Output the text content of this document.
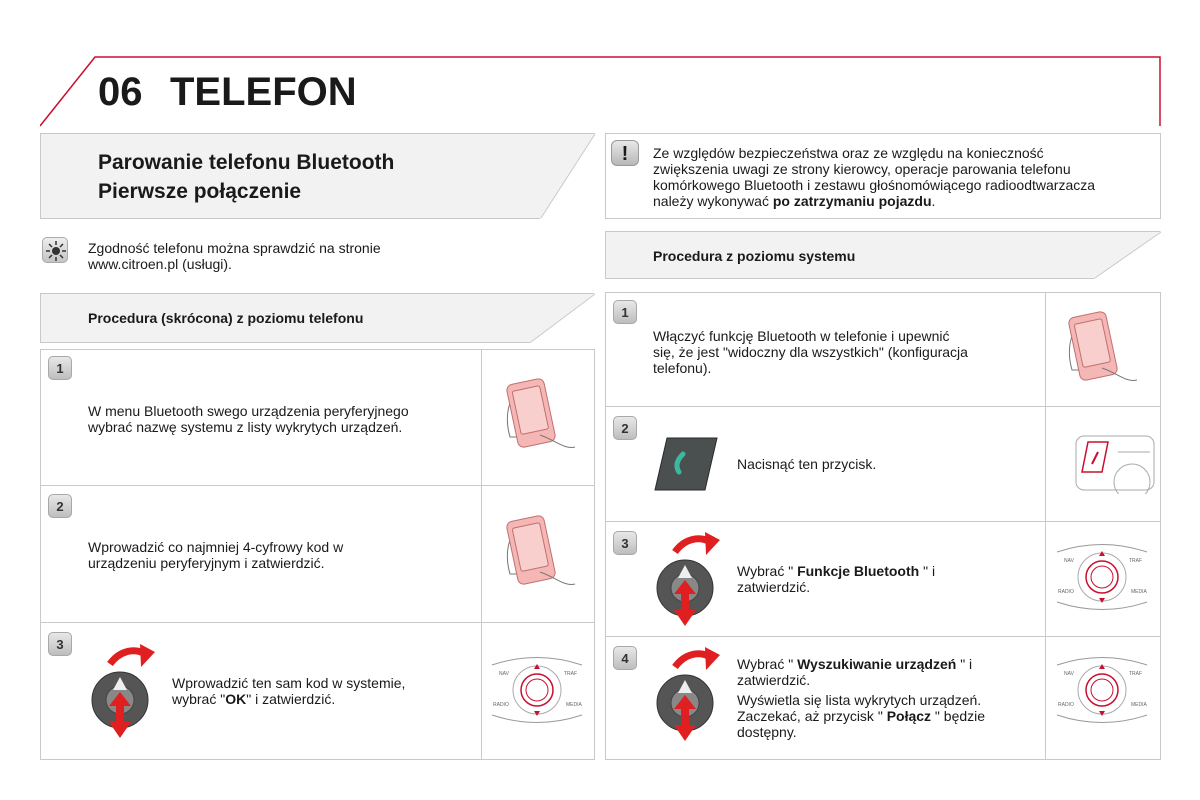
06 TELEFON
Parowanie telefonu Bluetooth
Pierwsze połączenie
!	Ze względów bezpieczeństwa oraz ze względu na konieczność zwiększenia uwagi ze strony kierowcy, operacje parowania telefonu komórkowego Bluetooth i zestawu głośnomówiącego radioodtwarzacza należy wykonywać po zatrzymaniu pojazdu.
Zgodność telefonu można sprawdzić na stronie
www.citroen.pl (usługi).
Procedura (skrócona) z poziomu telefonu
1
W menu Bluetooth swego urządzenia peryferyjnego
wybrać nazwę systemu z listy wykrytych urządzeń.
2
Wprowadzić co najmniej 4-cyfrowy kod w
urządzeniu peryferyjnym i zatwierdzić.
3
Wprowadzić ten sam kod w systemie,
wybrać "OK" i zatwierdzić.
NAV	TRAF
RADIO	MEDIA
Procedura z poziomu systemu
1
Włączyć funkcję Bluetooth w telefonie i upewnić
się, że jest "widoczny dla wszystkich" (konfiguracja
telefonu).
2
Nacisnąć ten przycisk.
3
Wybrać " Funkcje Bluetooth " i
zatwierdzić.
NAV	TRAF
RADIO	MEDIA
4	Wybrać " Wyszukiwanie urządzeń " i
zatwierdzić.
Wyświetla się lista wykrytych urządzeń.
Zaczekać, aż przycisk " Połącz " będzie
dostępny.
NAV	TRAF
RADIO	MEDIA
